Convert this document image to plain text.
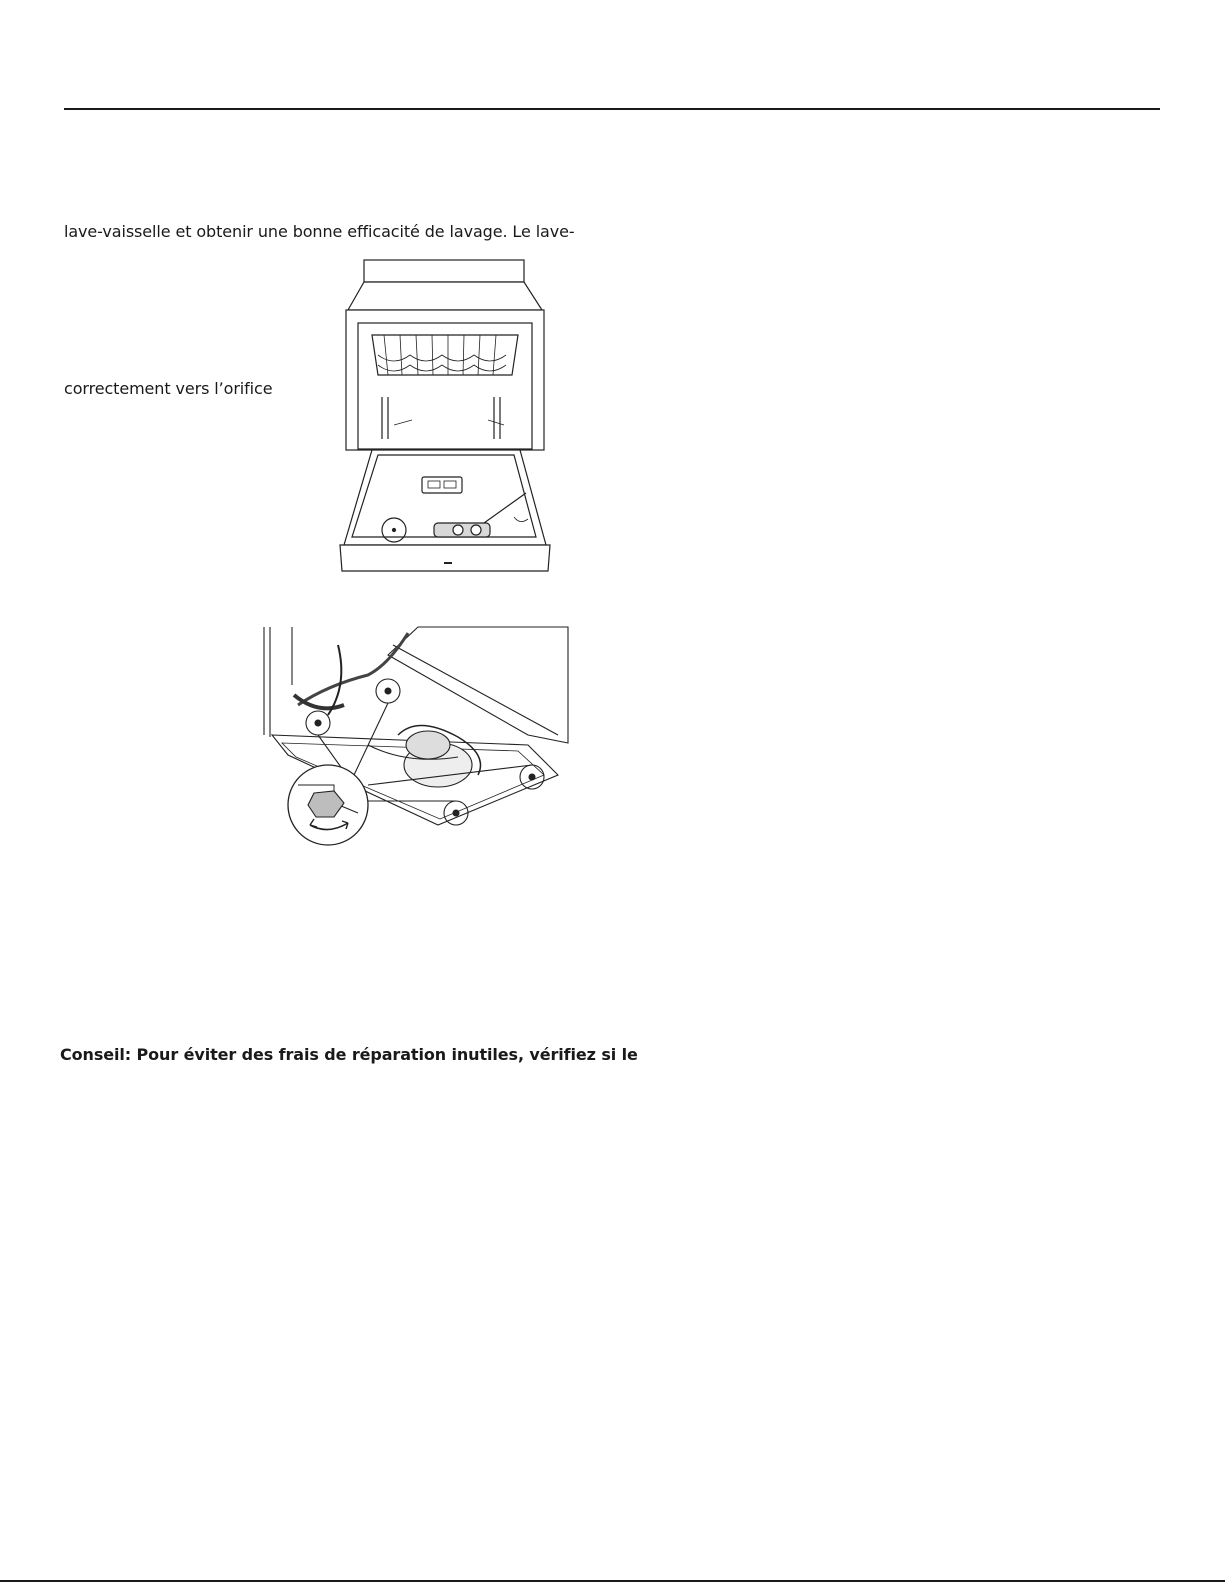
lave-vaisselle et obtenir une bonne efficacité de lavage. Le lave-
correctement vers l’orifice
Conseil: Pour éviter des frais de réparation inutiles, vérifiez si le
